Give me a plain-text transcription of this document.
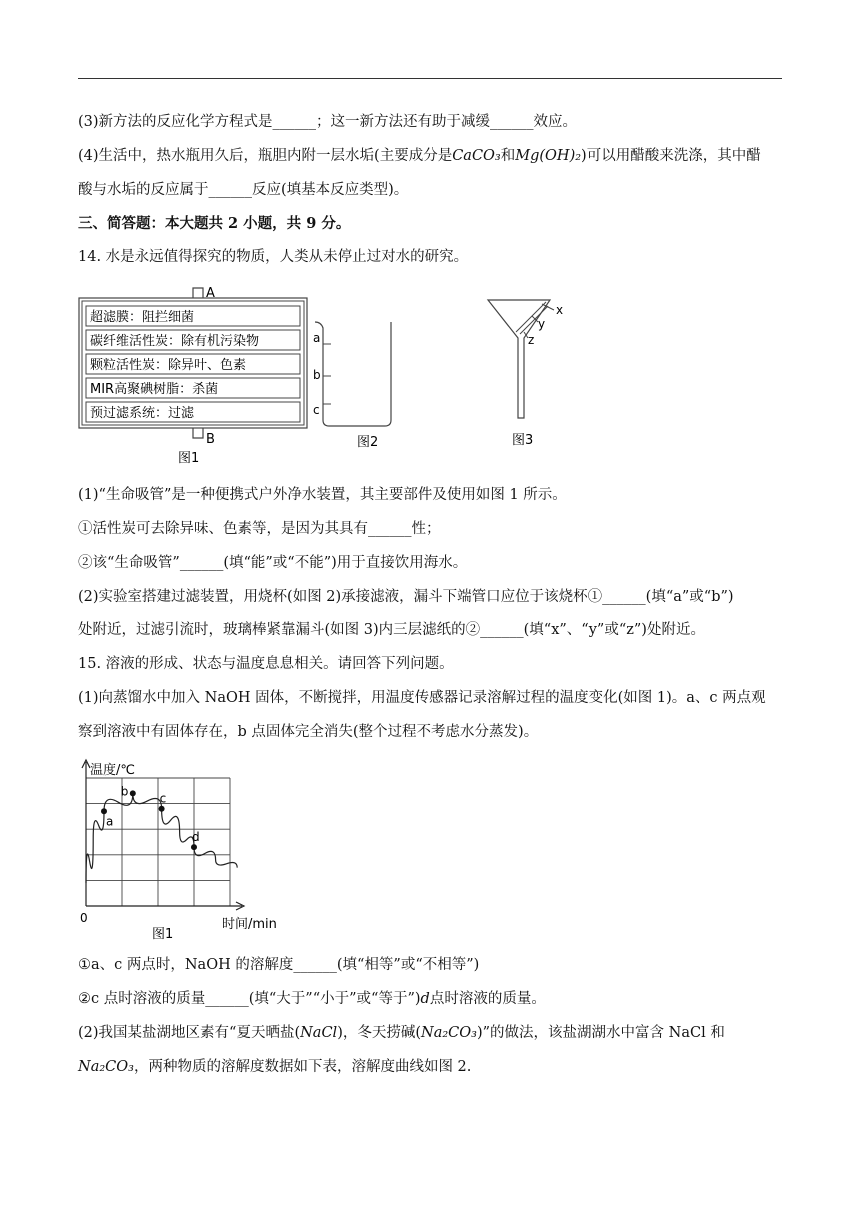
(3)新方法的反应化学方程式是______；这一新方法还有助于减缓______效应。
(4)生活中，热水瓶用久后，瓶胆内附一层水垢(主要成分是CaCO₃和Mg(OH)₂)可以用醋酸来洗涤，其中醋
酸与水垢的反应属于______反应(填基本反应类型)。
三、简答题：本大题共 2 小题，共 9 分。
14. 水是永远值得探究的物质，人类从未停止过对水的研究。
A
B
超滤膜：阻拦细菌
碳纤维活性炭：除有机污染物
颗粒活性炭：除异叶、色素
MIR高聚碘树脂：杀菌
预过滤系统：过滤
图1
a
b
c
图2
x
y
z
图3
(1)“生命吸管”是一种便携式户外净水装置，其主要部件及使用如图 1 所示。
①活性炭可去除异味、色素等，是因为其具有______性；
②该“生命吸管”______(填“能”或“不能”)用于直接饮用海水。
(2)实验室搭建过滤装置，用烧杯(如图 2)承接滤液，漏斗下端管口应位于该烧杯①______(填“a”或“b”)
处附近，过滤引流时，玻璃棒紧靠漏斗(如图 3)内三层滤纸的②______(填“x”、“y”或“z”)处附近。
15. 溶液的形成、状态与温度息息相关。请回答下列问题。
(1)向蒸馏水中加入 NaOH 固体，不断搅拌，用温度传感器记录溶解过程的温度变化(如图 1)。a、c 两点观
察到溶液中有固体存在，b 点固体完全消失(整个过程不考虑水分蒸发)。
温度/℃
时间/min
0
a
b
c
d
图1
①a、c 两点时，NaOH 的溶解度______(填“相等”或“不相等”)
②c 点时溶液的质量______(填“大于”“小于”或“等于”)d点时溶液的质量。
(2)我国某盐湖地区素有“夏天晒盐(NaCl)，冬天捞碱(Na₂CO₃)”的做法，该盐湖湖水中富含 NaCl 和
Na₂CO₃，两种物质的溶解度数据如下表，溶解度曲线如图 2.
